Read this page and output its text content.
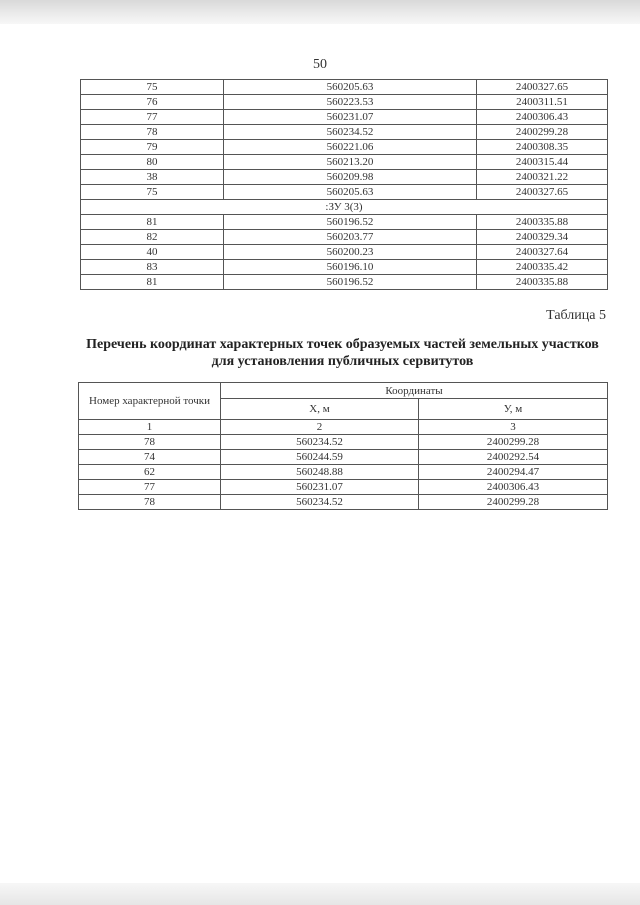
50
75	560205.63	2400327.65
76	560223.53	2400311.51
77	560231.07	2400306.43
78	560234.52	2400299.28
79	560221.06	2400308.35
80	560213.20	2400315.44
38	560209.98	2400321.22
75	560205.63	2400327.65
:ЗУ 3(3)		
81	560196.52	2400335.88
82	560203.77	2400329.34
40	560200.23	2400327.64
83	560196.10	2400335.42
81	560196.52	2400335.88
Таблица 5
Перечень координат характерных точек образуемых частей земельных участков для установления публичных сервитутов
Номер характерной точки	Координаты	
	X, м	У, м
1	2	3
78	560234.52	2400299.28
74	560244.59	2400292.54
62	560248.88	2400294.47
77	560231.07	2400306.43
78	560234.52	2400299.28
